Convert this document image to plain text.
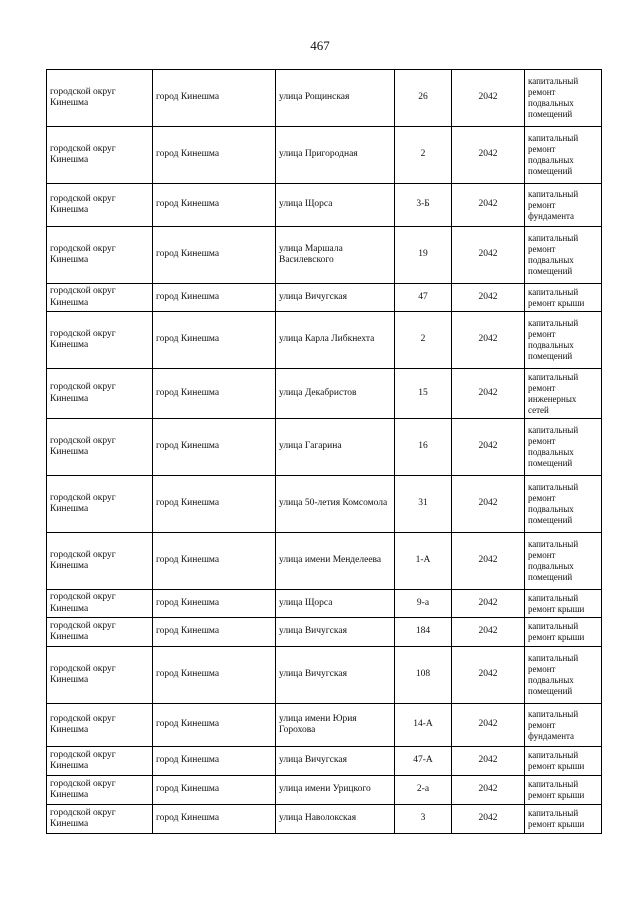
467
городской округ Кинешма	город Кинешма	улица Рощинская	26	2042	капитальный ремонт подвальных помещений
городской округ Кинешма	город Кинешма	улица Пригородная	2	2042	капитальный ремонт подвальных помещений
городской округ Кинешма	город Кинешма	улица Щорса	3-Б	2042	капитальный ремонт фундамента
городской округ Кинешма	город Кинешма	улица Маршала Василевского	19	2042	капитальный ремонт подвальных помещений
городской округ Кинешма	город Кинешма	улица Вичугская	47	2042	капитальный ремонт крыши
городской округ Кинешма	город Кинешма	улица Карла Либкнехта	2	2042	капитальный ремонт подвальных помещений
городской округ Кинешма	город Кинешма	улица Декабристов	15	2042	капитальный ремонт инженерных сетей
городской округ Кинешма	город Кинешма	улица Гагарина	16	2042	капитальный ремонт подвальных помещений
городской округ Кинешма	город Кинешма	улица 50-летия Комсомола	31	2042	капитальный ремонт подвальных помещений
городской округ Кинешма	город Кинешма	улица имени Менделеева	1-А	2042	капитальный ремонт подвальных помещений
городской округ Кинешма	город Кинешма	улица Щорса	9-а	2042	капитальный ремонт крыши
городской округ Кинешма	город Кинешма	улица Вичугская	184	2042	капитальный ремонт крыши
городской округ Кинешма	город Кинешма	улица Вичугская	108	2042	капитальный ремонт подвальных помещений
городской округ Кинешма	город Кинешма	улица имени Юрия Горохова	14-А	2042	капитальный ремонт фундамента
городской округ Кинешма	город Кинешма	улица Вичугская	47-А	2042	капитальный ремонт крыши
городской округ Кинешма	город Кинешма	улица имени Урицкого	2-а	2042	капитальный ремонт крыши
городской округ Кинешма	город Кинешма	улица Наволокская	3	2042	капитальный ремонт крыши
